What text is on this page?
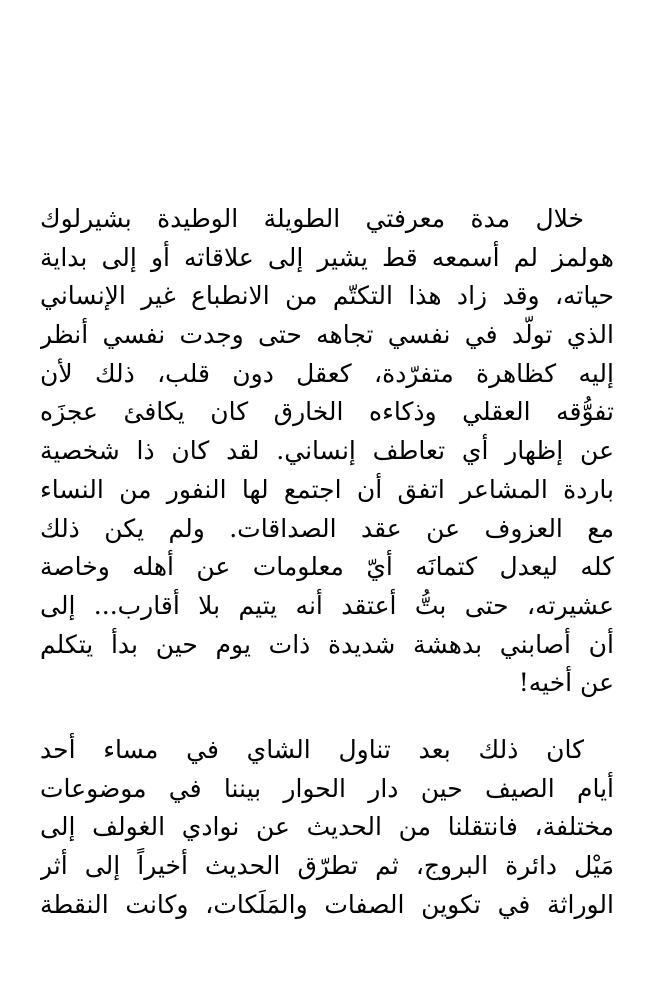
خلال مدة معرفتي الطويلة الوطيدة بشيرلوك
هولمز لم أسمعه قط يشير إلى علاقاته أو إلى بداية
حياته، وقد زاد هذا التكتّم من الانطباع غير الإنساني
الذي تولّد في نفسي تجاهه حتى وجدت نفسي أنظر
إليه كظاهرة متفرّدة، كعقل دون قلب، ذلك لأن
تفوُّقه العقلي وذكاءه الخارق كان يكافئ عجزَه
عن إظهار أي تعاطف إنساني. لقد كان ذا شخصية
باردة المشاعر اتفق أن اجتمع لها النفور من النساء
مع العزوف عن عقد الصداقات. ولم يكن ذلك
كله ليعدل كتمانَه أيّ معلومات عن أهله وخاصة
عشيرته، حتى بتُّ أعتقد أنه يتيم بلا أقارب... إلى
أن أصابني بدهشة شديدة ذات يوم حين بدأ يتكلم
عن أخيه!
كان ذلك بعد تناول الشاي في مساء أحد
أيام الصيف حين دار الحوار بيننا في موضوعات
مختلفة، فانتقلنا من الحديث عن نوادي الغولف إلى
مَيْل دائرة البروج، ثم تطرّق الحديث أخيراً إلى أثر
الوراثة في تكوين الصفات والمَلَكات، وكانت النقطة
